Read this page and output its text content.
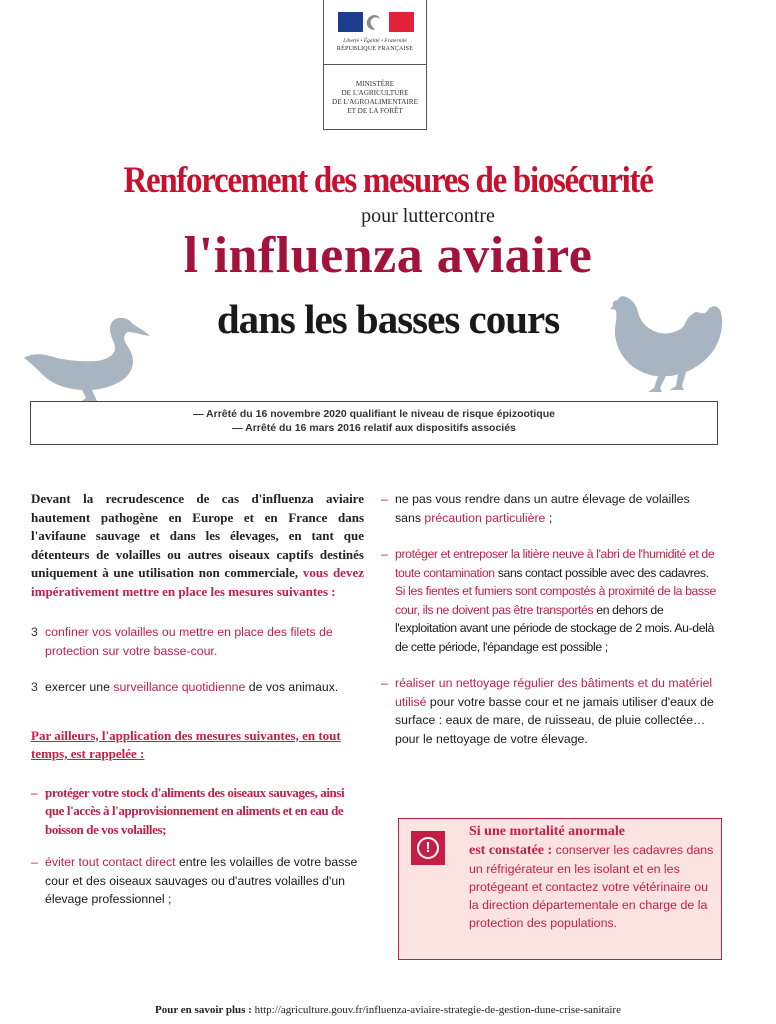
Liberté • Égalité • Fraternité
RÉPUBLIQUE FRANÇAISE
MINISTÈRE
DE L'AGRICULTURE
DE L'AGROALIMENTAIRE
ET DE LA FORÊT
Renforcement des mesures de biosécurité
pour luttercontre
l'influenza aviaire
dans les basses cours
— Arrêté du 16 novembre 2020 qualifiant le niveau de risque épizootique
— Arrêté du 16 mars 2016 relatif aux dispositifs associés

Devant la recrudescence de cas d'influenza aviaire hautement pathogène en Europe et en France dans l'avifaune sauvage et dans les élevages, en tant que détenteurs de volailles ou autres oiseaux captifs destinés uniquement à une utilisation non commerciale, vous devez impérativement mettre en place les mesures suivantes :

3 confiner vos volailles ou mettre en place des filets de protection sur votre basse-cour.
3 exercer une surveillance quotidienne de vos animaux.

Par ailleurs, l'application des mesures suivantes, en tout temps, est rappelée :

– protéger votre stock d'aliments des oiseaux sauvages, ainsi que l'accès à l'approvisionnement en aliments et en eau de boisson de vos volailles;
– éviter tout contact direct entre les volailles de votre basse cour et des oiseaux sauvages ou d'autres volailles d'un élevage professionnel ;
– ne pas vous rendre dans un autre élevage de volailles sans précaution particulière ;
– protéger et entreposer la litière neuve à l'abri de l'humidité et de toute contamination sans contact possible avec des cadavres. Si les fientes et fumiers sont compostés à proximité de la basse cour, ils ne doivent pas être transportés en dehors de l'exploitation avant une période de stockage de 2 mois. Au-delà de cette période, l'épandage est possible ;
– réaliser un nettoyage régulier des bâtiments et du matériel utilisé pour votre basse cour et ne jamais utiliser d'eaux de surface : eaux de mare, de ruisseau, de pluie collectée… pour le nettoyage de votre élevage.
!
Si une mortalité anormale
est constatée : conserver les cadavres dans un réfrigérateur en les isolant et en les protégeant et contactez votre vétérinaire ou la direction départementale en charge de la protection des populations.
Pour en savoir plus : http://agriculture.gouv.fr/influenza-aviaire-strategie-de-gestion-dune-crise-sanitaire
